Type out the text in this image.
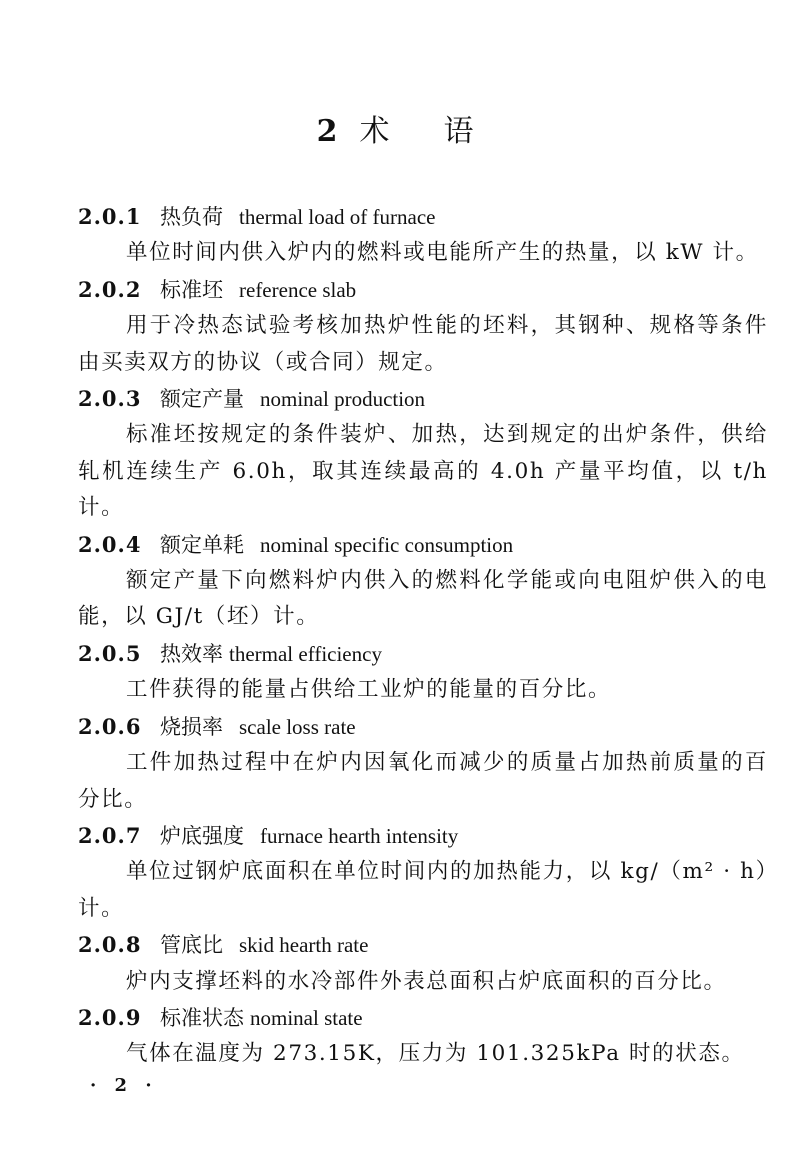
2 术 语
2.0.1 热负荷 thermal load of furnace

单位时间内供入炉内的燃料或电能所产生的热量，以 kW 计。

2.0.2 标准坯 reference slab

用于冷热态试验考核加热炉性能的坯料，其钢种、规格等条件由买卖双方的协议（或合同）规定。

2.0.3 额定产量 nominal production

标准坯按规定的条件装炉、加热，达到规定的出炉条件，供给轧机连续生产 6.0h，取其连续最高的 4.0h 产量平均值，以 t/h 计。

2.0.4 额定单耗 nominal specific consumption

额定产量下向燃料炉内供入的燃料化学能或向电阻炉供入的电能，以 GJ/t（坯）计。

2.0.5 热效率 thermal efficiency

工件获得的能量占供给工业炉的能量的百分比。

2.0.6 烧损率 scale loss rate

工件加热过程中在炉内因氧化而减少的质量占加热前质量的百分比。

2.0.7 炉底强度 furnace hearth intensity

单位过钢炉底面积在单位时间内的加热能力，以 kg/（m² · h）计。

2.0.8 管底比 skid hearth rate

炉内支撑坯料的水冷部件外表总面积占炉底面积的百分比。

2.0.9 标准状态 nominal state

气体在温度为 273.15K，压力为 101.325kPa 时的状态。

· 2 ·
